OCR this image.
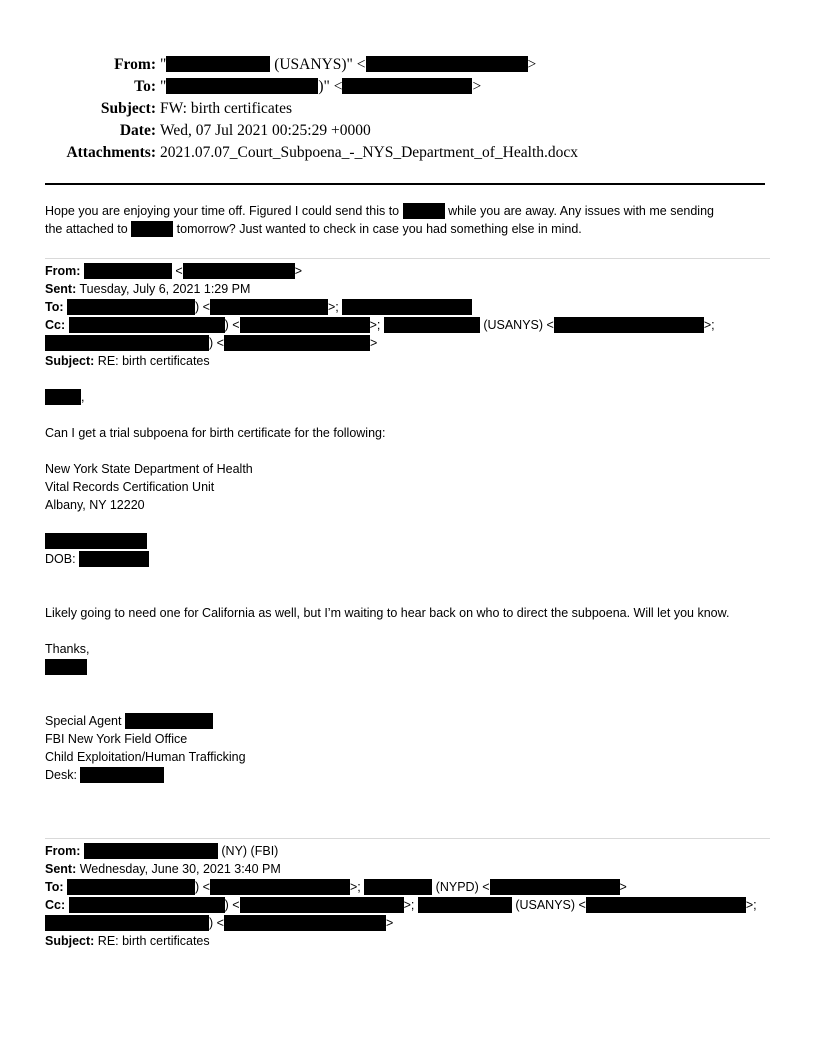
From: "	(USANYS)" <	>
To: "	)" <	>
Subject: FW: birth certificates
Date: Wed, 07 Jul 2021 00:25:29 +0000
Attachments: 2021.07.07_Court_Subpoena_-_NYS_Department_of_Health.docx

Hope you are enjoying your time off. Figured I could send this to	while you are away. Any issues with me sending

the attached to	tomorrow? Just wanted to check in case you had something else in mind.

From:	<	>

Sent: Tuesday, July 6, 2021 1:29 PM

To:	) <	>;

Cc:	) <	>;	(USANYS) <	>;

) <	>

Subject: RE: birth certificates

,

Can I get a trial subpoena for birth certificate for the following:

New York State Department of Health

Vital Records Certification Unit

Albany, NY 12220

DOB:

Likely going to need one for California as well, but I’m waiting to hear back on who to direct the subpoena. Will let you know.

Thanks,

Special Agent

FBI New York Field Office

Child Exploitation/Human Trafficking

Desk:

From:	(NY) (FBI)

Sent: Wednesday, June 30, 2021 3:40 PM

To:	) <	>;	(NYPD) <	>

Cc:	) <	>;	(USANYS) <	>;

) <	>

Subject: RE: birth certificates
